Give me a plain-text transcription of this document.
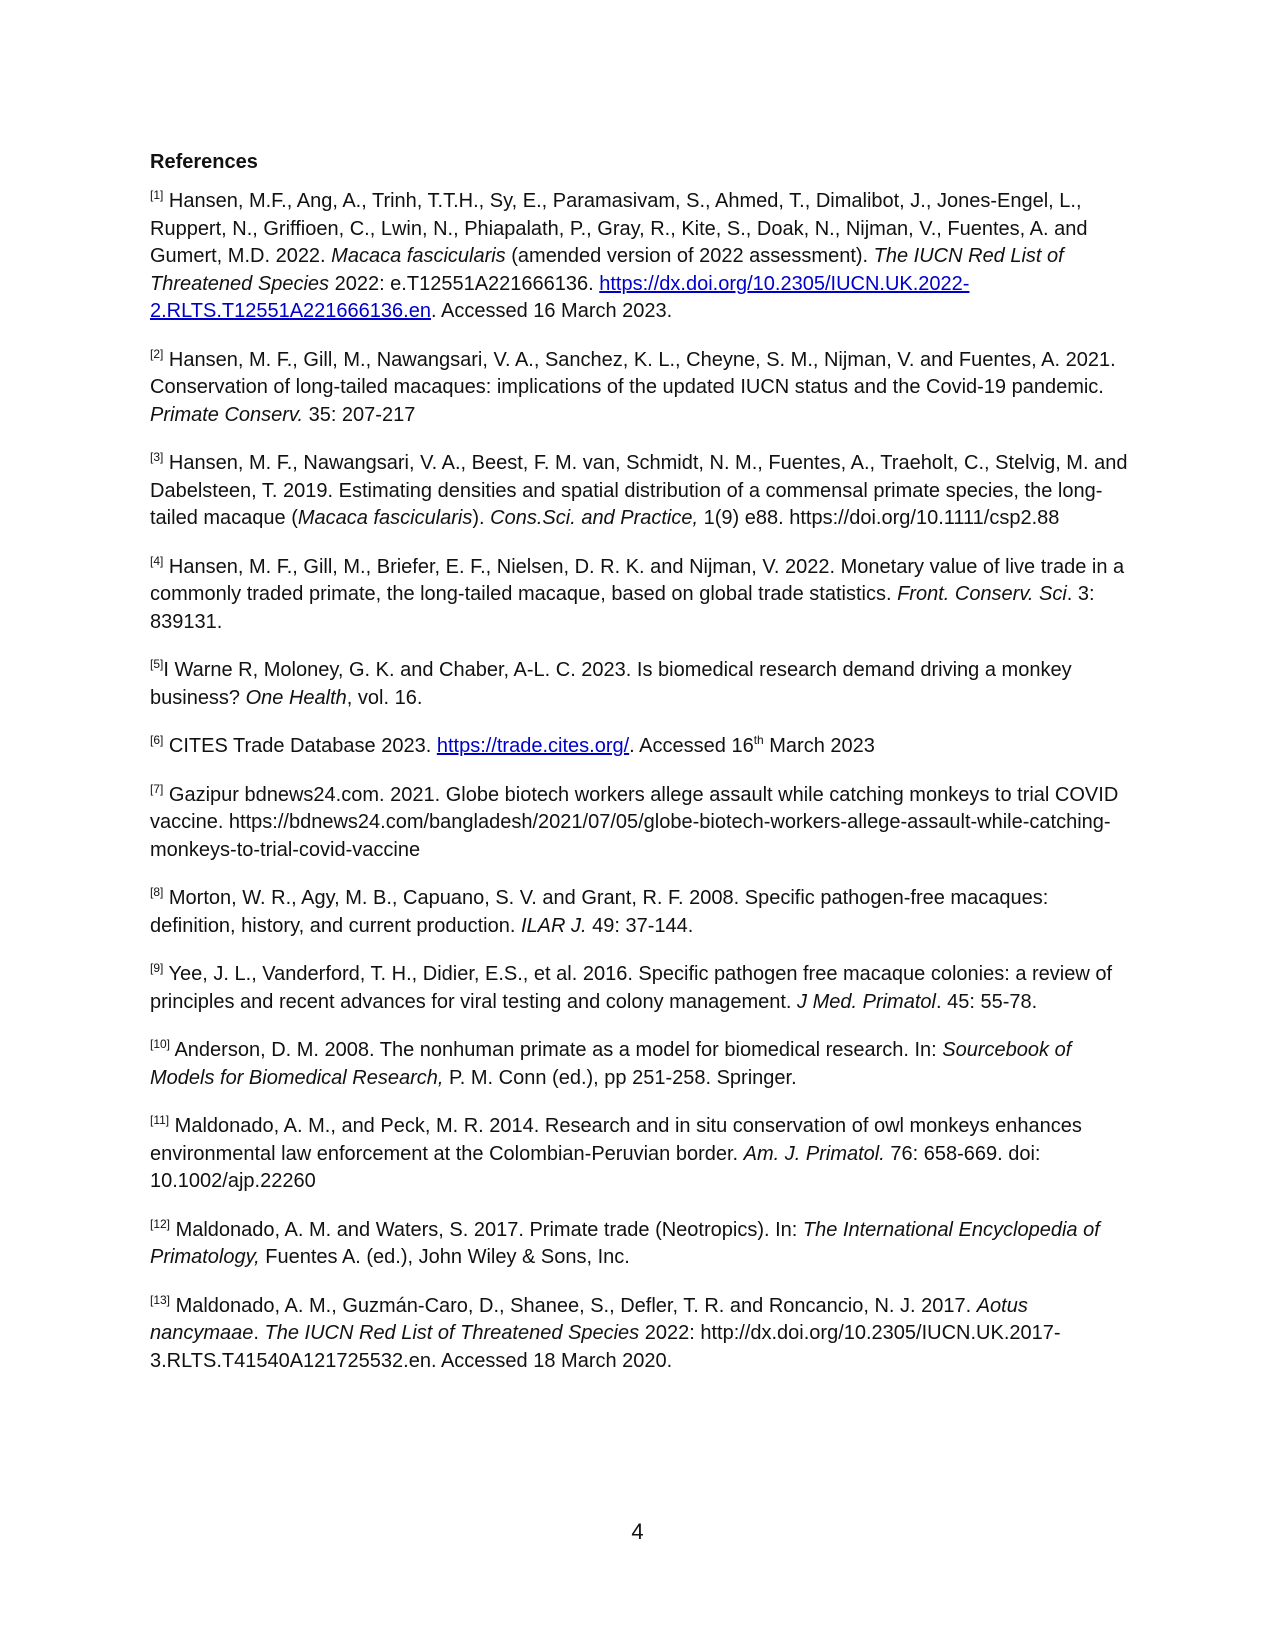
References

[1] Hansen, M.F., Ang, A., Trinh, T.T.H., Sy, E., Paramasivam, S., Ahmed, T., Dimalibot, J., Jones-Engel, L., Ruppert, N., Griffioen, C., Lwin, N., Phiapalath, P., Gray, R., Kite, S., Doak, N., Nijman, V., Fuentes, A. and Gumert, M.D. 2022. Macaca fascicularis (amended version of 2022 assessment). The IUCN Red List of Threatened Species 2022: e.T12551A221666136. https://dx.doi.org/10.2305/IUCN.UK.2022-2.RLTS.T12551A221666136.en. Accessed 16 March 2023.

[2] Hansen, M. F., Gill, M., Nawangsari, V. A., Sanchez, K. L., Cheyne, S. M., Nijman, V. and Fuentes, A. 2021. Conservation of long-tailed macaques: implications of the updated IUCN status and the Covid-19 pandemic. Primate Conserv. 35: 207-217

[3] Hansen, M. F., Nawangsari, V. A., Beest, F. M. van, Schmidt, N. M., Fuentes, A., Traeholt, C., Stelvig, M. and Dabelsteen, T. 2019. Estimating densities and spatial distribution of a commensal primate species, the long-tailed macaque (Macaca fascicularis). Cons.Sci. and Practice, 1(9) e88. https://doi.org/10.1111/csp2.88

[4] Hansen, M. F., Gill, M., Briefer, E. F., Nielsen, D. R. K. and Nijman, V. 2022. Monetary value of live trade in a commonly traded primate, the long-tailed macaque, based on global trade statistics. Front. Conserv. Sci. 3: 839131.

[5]I Warne R, Moloney, G. K. and Chaber, A-L. C. 2023. Is biomedical research demand driving a monkey business? One Health, vol. 16.

[6] CITES Trade Database 2023. https://trade.cites.org/. Accessed 16th March 2023

[7] Gazipur bdnews24.com. 2021. Globe biotech workers allege assault while catching monkeys to trial COVID vaccine. https://bdnews24.com/bangladesh/2021/07/05/globe-biotech-workers-allege-assault-while-catching-monkeys-to-trial-covid-vaccine

[8] Morton, W. R., Agy, M. B., Capuano, S. V. and Grant, R. F. 2008. Specific pathogen-free macaques: definition, history, and current production. ILAR J. 49: 37-144.

[9] Yee, J. L., Vanderford, T. H., Didier, E.S., et al. 2016. Specific pathogen free macaque colonies: a review of principles and recent advances for viral testing and colony management. J Med. Primatol. 45: 55-78.

[10] Anderson, D. M. 2008. The nonhuman primate as a model for biomedical research. In: Sourcebook of Models for Biomedical Research, P. M. Conn (ed.), pp 251-258. Springer.

[11] Maldonado, A. M., and Peck, M. R. 2014. Research and in situ conservation of owl monkeys enhances environmental law enforcement at the Colombian-Peruvian border. Am. J. Primatol. 76: 658-669. doi: 10.1002/ajp.22260

[12] Maldonado, A. M. and Waters, S. 2017. Primate trade (Neotropics). In: The International Encyclopedia of Primatology, Fuentes A. (ed.), John Wiley & Sons, Inc.

[13] Maldonado, A. M., Guzmán-Caro, D., Shanee, S., Defler, T. R. and Roncancio, N. J. 2017. Aotus nancymaae. The IUCN Red List of Threatened Species 2022: http://dx.doi.org/10.2305/IUCN.UK.2017-3.RLTS.T41540A121725532.en. Accessed 18 March 2020.

4
